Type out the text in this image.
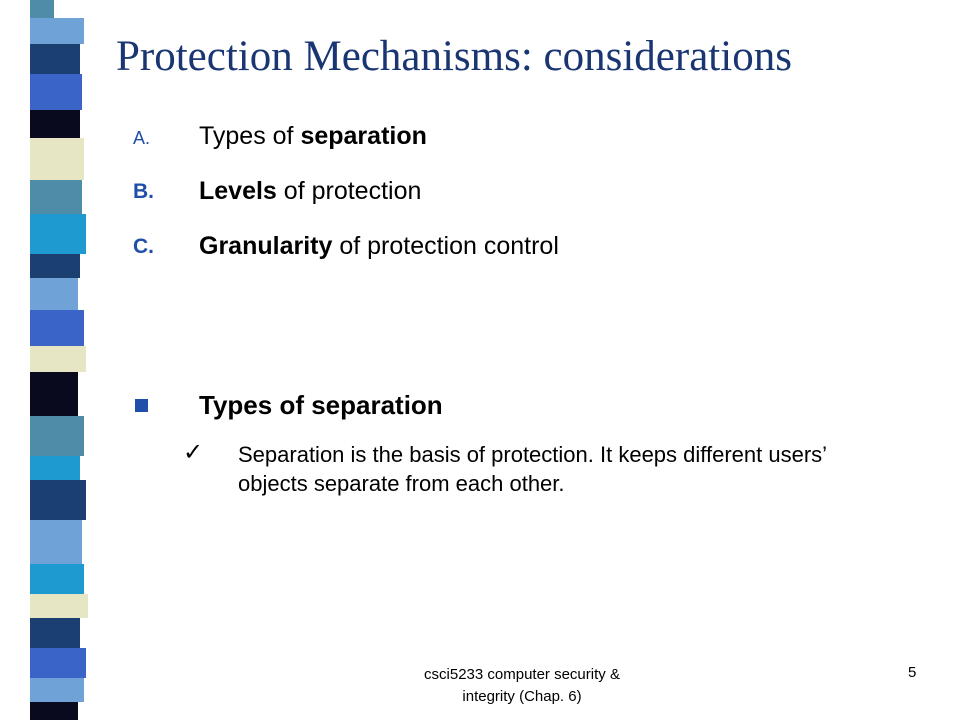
Protection Mechanisms: considerations
A. Types of separation
B. Levels of protection
C. Granularity of protection control
Types of separation
✓ Separation is the basis of protection. It keeps different users’ objects separate from each other.
csci5233 computer security &
integrity (Chap. 6)
5
